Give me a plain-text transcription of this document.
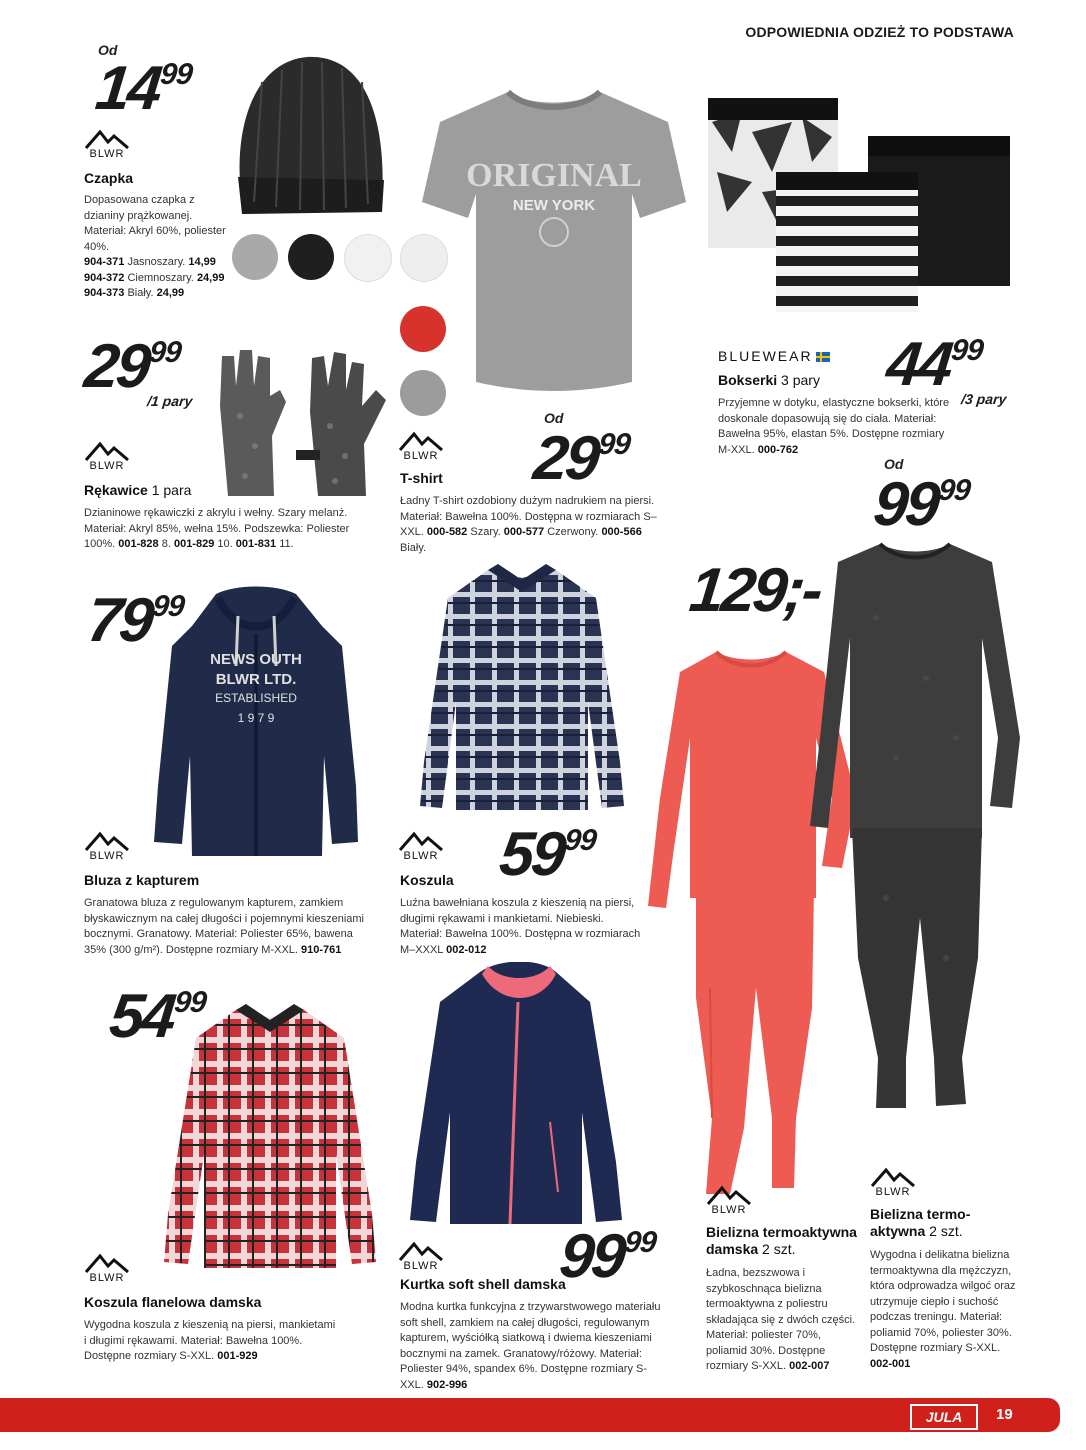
ODPOWIEDNIA ODZIEŻ TO PODSTAWA
Od
1499
BLWR
Czapka
Dopasowana czapka z dzianiny prążkowanej. Materiał: Akryl 60%, poliester 40%.
904-371 Jasnoszary. 14,99
904-372 Ciemnoszary. 24,99
904-373 Biały. 24,99
ORIGINAL
NEW YORK
Od
2999
BLWR
T-shirt
Ładny T-shirt ozdobiony dużym nadrukiem na piersi. Materiał: Bawełna 100%. Dostępna w rozmiarach S–XXL. 000-582 Szary. 000-577 Czerwony. 000-566 Biały.
BLUEWEAR 4499
/3 pary
Bokserki 3 pary
Przyjemne w dotyku, elastyczne bokserki, które doskonale dopasowują się do ciała. Materiał: Bawełna 95%, elastan 5%. Dostępne rozmiary M-XXL. 000-762
2999
/1 pary
BLWR
Rękawice 1 para
Dzianinowe rękawiczki z akrylu i wełny. Szary melanż. Materiał: Akryl 85%, wełna 15%. Podszewka: Poliester 100%. 001-828 8. 001-829 10. 001-831 11.
Od
9999
7999
NEWS OUTH
BLWR LTD.
ESTABLISHED
1 9 7 9
BLWR
Bluza z kapturem
Granatowa bluza z regulowanym kapturem, zamkiem błyskawicznym na całej długości i pojemnymi kieszeniami bocznymi. Granatowy. Materiał: Poliester 65%, bawena 35% (300 g/m²). Dostępne rozmiary M-XXL. 910-761
BLWR 5999
Koszula
Luźna bawełniana koszula z kieszenią na piersi, długimi rękawami i mankietami. Niebieski. Materiał: Bawełna 100%. Dostępna w rozmiarach M–XXXL 002-012
129;-
5499
BLWR
Koszula flanelowa damska
Wygodna koszula z kieszenią na piersi, mankietami i długimi rękawami. Materiał: Bawełna 100%. Dostępne rozmiary S-XXL. 001-929
BLWR 9999
Kurtka soft shell damska
Modna kurtka funkcyjna z trzywarstwowego materiału soft shell, zamkiem na całej długości, regulowanym kapturem, wyściółką siatkową i dwiema kieszeniami bocznymi na zamek. Granatowy/różowy. Materiał: Poliester 94%, spandex 6%. Dostępne rozmiary S-XXL. 902-996
BLWR
Bielizna termoaktywna damska 2 szt.
Ładna, bezszwowa i szybkoschnąca bielizna termoaktywna z poliestru składająca się z dwóch części. Materiał: poliester 70%, poliamid 30%. Dostępne rozmiary S-XXL. 002-007
BLWR
Bielizna termo-aktywna 2 szt.
Wygodna i delikatna bielizna termoaktywna dla mężczyzn, która odprowadza wilgoć oraz utrzymuje ciepło i suchość podczas treningu. Materiał: poliamid 70%, poliester 30%. Dostępne rozmiary S-XXL. 002-001
JULA	19
